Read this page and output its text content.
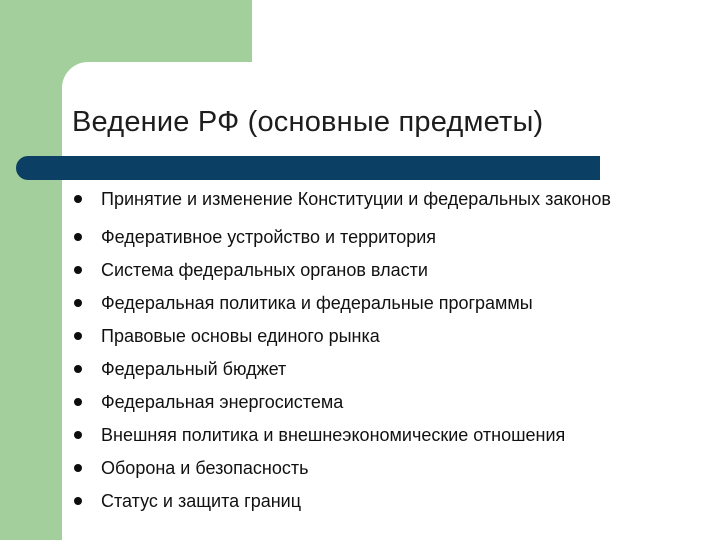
Ведение РФ (основные предметы)
Принятие и изменение Конституции и федеральных законов
Федеративное устройство и территория
Система федеральных органов власти
Федеральная политика и федеральные программы
Правовые основы единого рынка
Федеральный бюджет
Федеральная энергосистема
Внешняя политика и внешнеэкономические отношения
Оборона и безопасность
Статус и защита границ
